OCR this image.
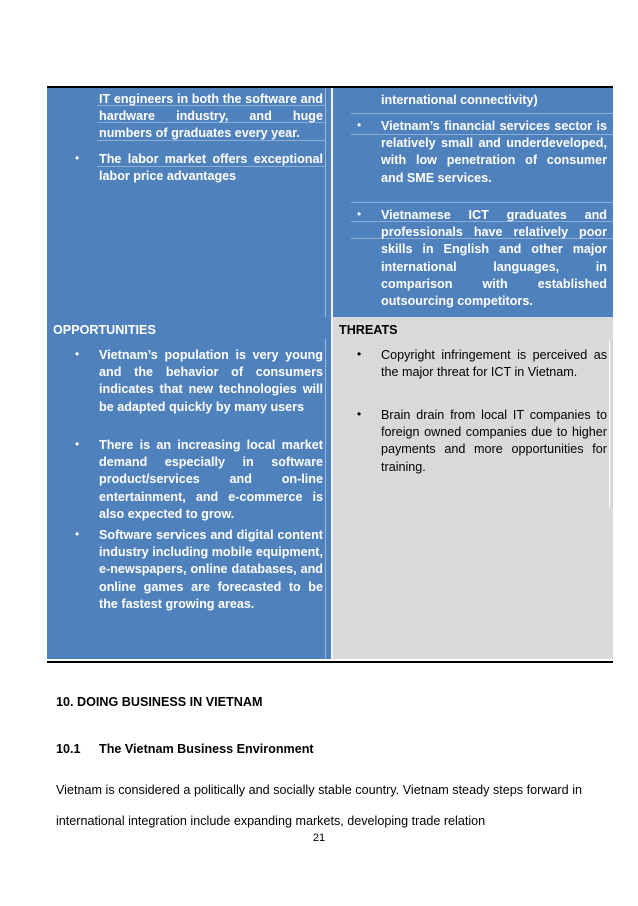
IT engineers in both the software and hardware industry, and huge numbers of graduates every year.
• The labor market offers exceptional labor price advantages
international connectivity)
• Vietnam’s financial services sector is relatively small and underdeveloped, with low penetration of consumer and SME services.
• Vietnamese ICT graduates and professionals have relatively poor skills in English and other major international languages, in comparison with established outsourcing competitors.
OPPORTUNITIES
• Vietnam’s population is very young and the behavior of consumers indicates that new technologies will be adapted quickly by many users
• There is an increasing local market demand especially in software product/services and on-line entertainment, and e-commerce is also expected to grow.
• Software services and digital content industry including mobile equipment, e-newspapers, online databases, and online games are forecasted to be the fastest growing areas.
THREATS
• Copyright infringement is perceived as the major threat for ICT in Vietnam.
• Brain drain from local IT companies to foreign owned companies due to higher payments and more opportunities for training.
10. DOING BUSINESS IN VIETNAM
10.1 The Vietnam Business Environment
Vietnam is considered a politically and socially stable country. Vietnam steady steps forward in international integration include expanding markets, developing trade relation
21
